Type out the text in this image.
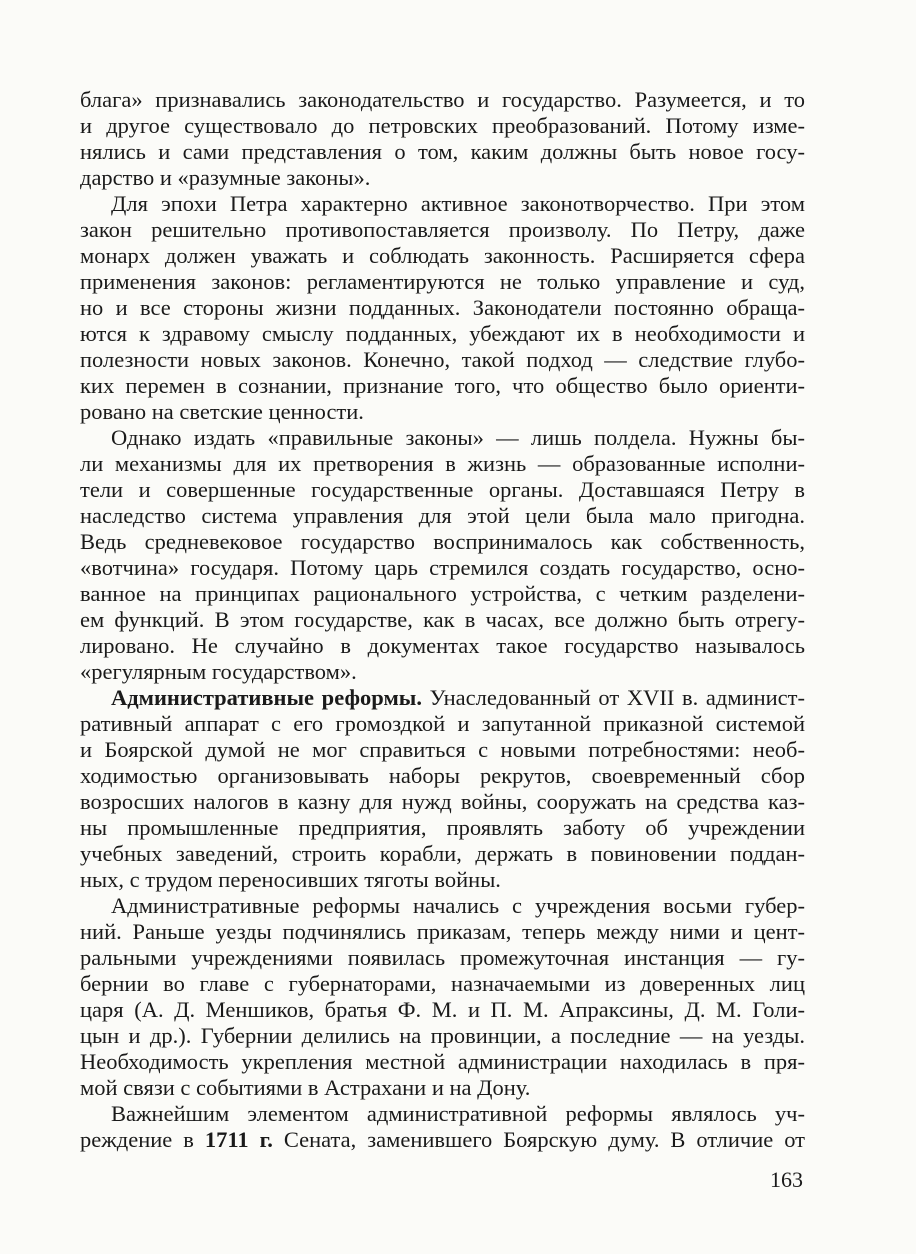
блага» признавались законодательство и государство. Разумеется, и то
и другое существовало до петровских преобразований. Потому изме-
нялись и сами представления о том, каким должны быть новое госу-
дарство и «разумные законы».
Для эпохи Петра характерно активное законотворчество. При этом
закон решительно противопоставляется произволу. По Петру, даже
монарх должен уважать и соблюдать законность. Расширяется сфера
применения законов: регламентируются не только управление и суд,
но и все стороны жизни подданных. Законодатели постоянно обраща-
ются к здравому смыслу подданных, убеждают их в необходимости и
полезности новых законов. Конечно, такой подход — следствие глубо-
ких перемен в сознании, признание того, что общество было ориенти-
ровано на светские ценности.
Однако издать «правильные законы» — лишь полдела. Нужны бы-
ли механизмы для их претворения в жизнь — образованные исполни-
тели и совершенные государственные органы. Доставшаяся Петру в
наследство система управления для этой цели была мало пригодна.
Ведь средневековое государство воспринималось как собственность,
«вотчина» государя. Потому царь стремился создать государство, осно-
ванное на принципах рационального устройства, с четким разделени-
ем функций. В этом государстве, как в часах, все должно быть отрегу-
лировано. Не случайно в документах такое государство называлось
«регулярным государством».
Административные реформы. Унаследованный от XVII в. админист-
ративный аппарат с его громоздкой и запутанной приказной системой
и Боярской думой не мог справиться с новыми потребностями: необ-
ходимостью организовывать наборы рекрутов, своевременный сбор
возросших налогов в казну для нужд войны, сооружать на средства каз-
ны промышленные предприятия, проявлять заботу об учреждении
учебных заведений, строить корабли, держать в повиновении поддан-
ных, с трудом переносивших тяготы войны.
Административные реформы начались с учреждения восьми губер-
ний. Раньше уезды подчинялись приказам, теперь между ними и цент-
ральными учреждениями появилась промежуточная инстанция — гу-
бернии во главе с губернаторами, назначаемыми из доверенных лиц
царя (А. Д. Меншиков, братья Ф. М. и П. М. Апраксины, Д. М. Голи-
цын и др.). Губернии делились на провинции, а последние — на уезды.
Необходимость укрепления местной администрации находилась в пря-
мой связи с событиями в Астрахани и на Дону.
Важнейшим элементом административной реформы являлось уч-
реждение в 1711 г. Сената, заменившего Боярскую думу. В отличие от
163
